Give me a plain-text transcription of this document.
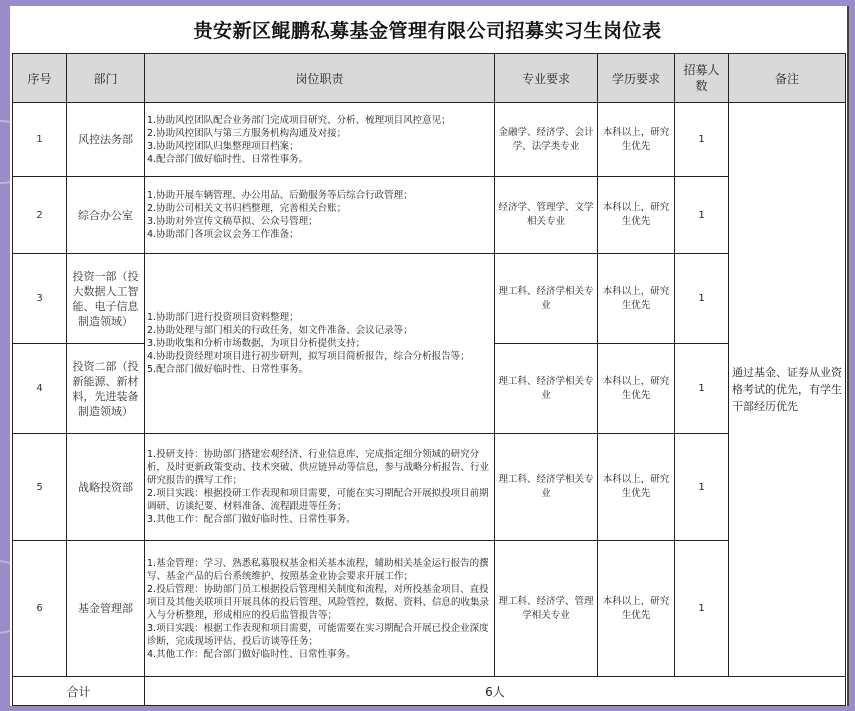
贵安新区鲲鹏私募基金管理有限公司招募实习生岗位表
序号	部门	岗位职责	专业要求	学历要求	招募人数	备注
1	风控法务部	1.协助风控团队配合业务部门完成项目研究、分析、梳理项目风控意见；
2.协助风控团队与第三方服务机构沟通及对接；
3.协助风控团队归集整理项目档案；
4.配合部门做好临时性、日常性事务。	金融学、经济学、会计学、法学类专业	本科以上，研究生优先	1	通过基金、证券从业资格考试的优先，有学生干部经历优先
2	综合办公室	1.协助开展车辆管理、办公用品、后勤服务等后综合行政管理；
2.协助公司相关文书归档整理，完善相关台账；
3.协助对外宣传文稿草拟、公众号管理；
4.协助部门各项会议会务工作准备；	经济学、管理学、文学相关专业	本科以上，研究生优先	1	
3	投资一部（投大数据人工智能、电子信息制造领域）	1.协助部门进行投资项目资料整理；
2.协助处理与部门相关的行政任务，如文件准备、会议记录等；
3.协助收集和分析市场数据，为项目分析提供支持；
4.协助投资经理对项目进行初步研判，拟写项目简析报告，综合分析报告等；
5.配合部门做好临时性、日常性事务。	理工科、经济学相关专业	本科以上，研究生优先	1	
4	投资二部（投新能源、新材料，先进装备制造领域）		理工科、经济学相关专业	本科以上，研究生优先	1	
5	战略投资部	1.投研支持：协助部门搭建宏观经济、行业信息库，完成指定细分领域的研究分析，及时更新政策变动、技术突破、供应链异动等信息，参与战略分析报告、行业研究报告的撰写工作；
2.项目实践：根据投研工作表现和项目需要，可能在实习期配合开展拟投项目前期调研、访谈纪要、材料准备、流程跟进等任务；
3.其他工作：配合部门做好临时性、日常性事务。	理工科、经济学相关专业	本科以上，研究生优先	1	
6	基金管理部	1.基金管理：学习、熟悉私募股权基金相关基本流程，辅助相关基金运行报告的撰写、基金产品的后台系统维护、按照基金业协会要求开展工作；
2.投后管理：协助部门员工根据投后管理相关制度和流程，对所投基金项目、直投项目及其他关联项目开展具体的投后管理、风险管控，数据、资料、信息的收集录入与分析整理，形成相应的投后监管报告等；
3.项目实践：根据工作表现和项目需要，可能需要在实习期配合开展已投企业深度诊断，完成现场评估、投后访谈等任务；
4.其他工作：配合部门做好临时性、日常性事务。	理工科、经济学、管理学相关专业	本科以上，研究生优先	1	
合计		6人				
